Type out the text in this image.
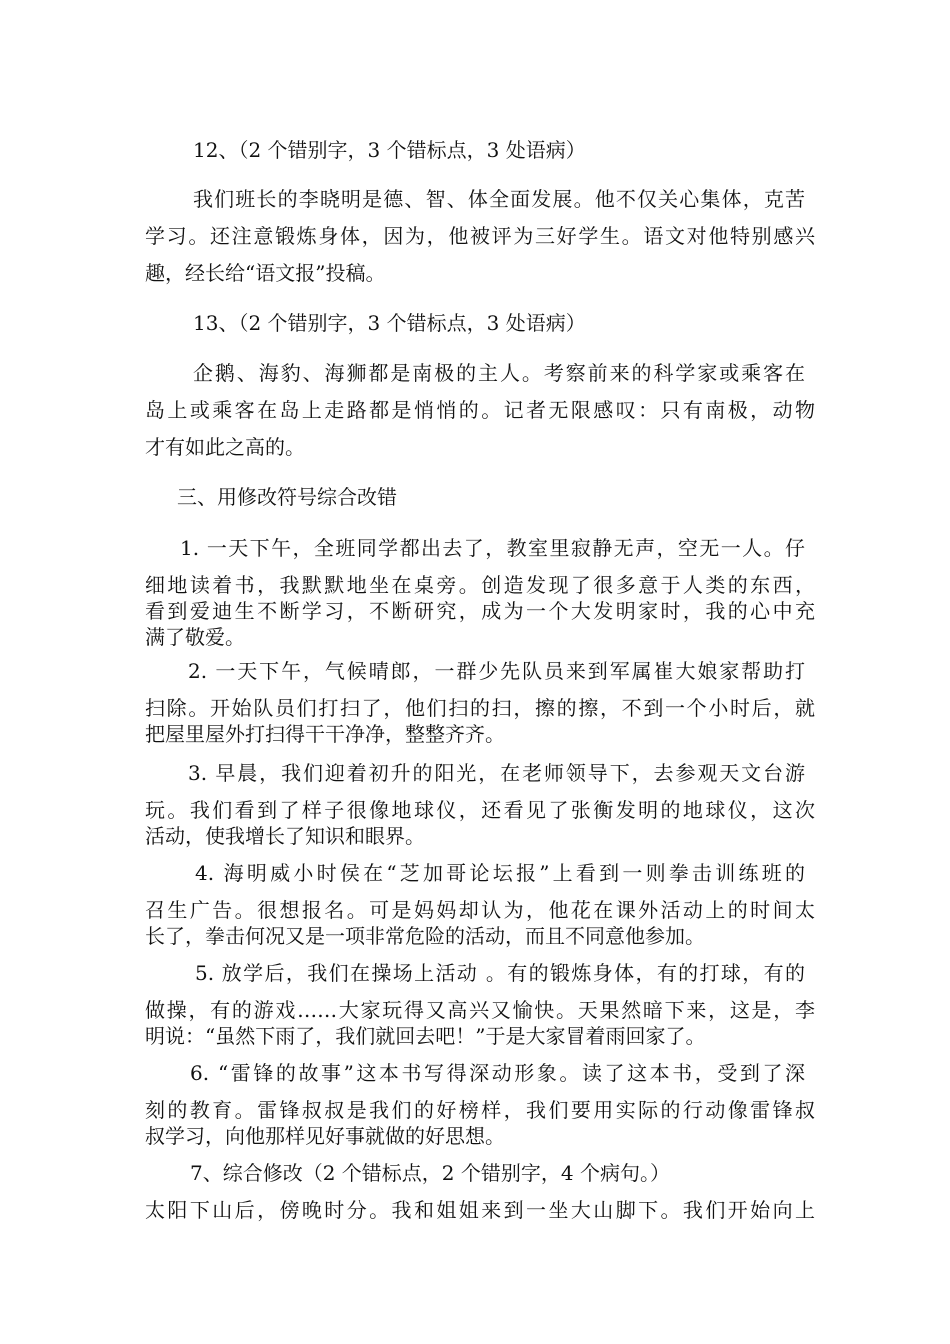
12、（2 个错别字，3 个错标点，3 处语病）
我们班长的李晓明是德、智、体全面发展。他不仅关心集体，克苦
学习。还注意锻炼身体，因为，他被评为三好学生。语文对他特别感兴
趣，经长给“语文报”投稿。
13、（2 个错别字，3 个错标点，3 处语病）
企鹅、海豹、海狮都是南极的主人。考察前来的科学家或乘客在
岛上或乘客在岛上走路都是悄悄的。记者无限感叹：只有南极，动物
才有如此之高的。
三、用修改符号综合改错
1. 一天下午，全班同学都出去了，教室里寂静无声，空无一人。仔
细地读着书，我默默地坐在桌旁。创造发现了很多意于人类的东西，
看到爱迪生不断学习，不断研究，成为一个大发明家时，我的心中充
满了敬爱。
2. 一天下午，气候晴郎，一群少先队员来到军属崔大娘家帮助打
扫除。开始队员们打扫了，他们扫的扫，擦的擦，不到一个小时后，就
把屋里屋外打扫得干干净净，整整齐齐。
3. 早晨，我们迎着初升的阳光，在老师领导下，去参观天文台游
玩。我们看到了样子很像地球仪，还看见了张衡发明的地球仪，这次
活动，使我增长了知识和眼界。
4. 海明威小时侯在“芝加哥论坛报”上看到一则拳击训练班的
召生广告。很想报名。可是妈妈却认为，他花在课外活动上的时间太
长了，拳击何况又是一项非常危险的活动，而且不同意他参加。
5. 放学后，我们在操场上活动 。有的锻炼身体，有的打球，有的
做操，有的游戏……大家玩得又高兴又愉快。天果然暗下来，这是，李
明说：“虽然下雨了，我们就回去吧！”于是大家冒着雨回家了。
6. “雷锋的故事”这本书写得深动形象。读了这本书，受到了深
刻的教育。雷锋叔叔是我们的好榜样，我们要用实际的行动像雷锋叔
叔学习，向他那样见好事就做的好思想。
7、综合修改（2 个错标点，2 个错别字，4 个病句。）
太阳下山后，傍晚时分。我和姐姐来到一坐大山脚下。我们开始向上
